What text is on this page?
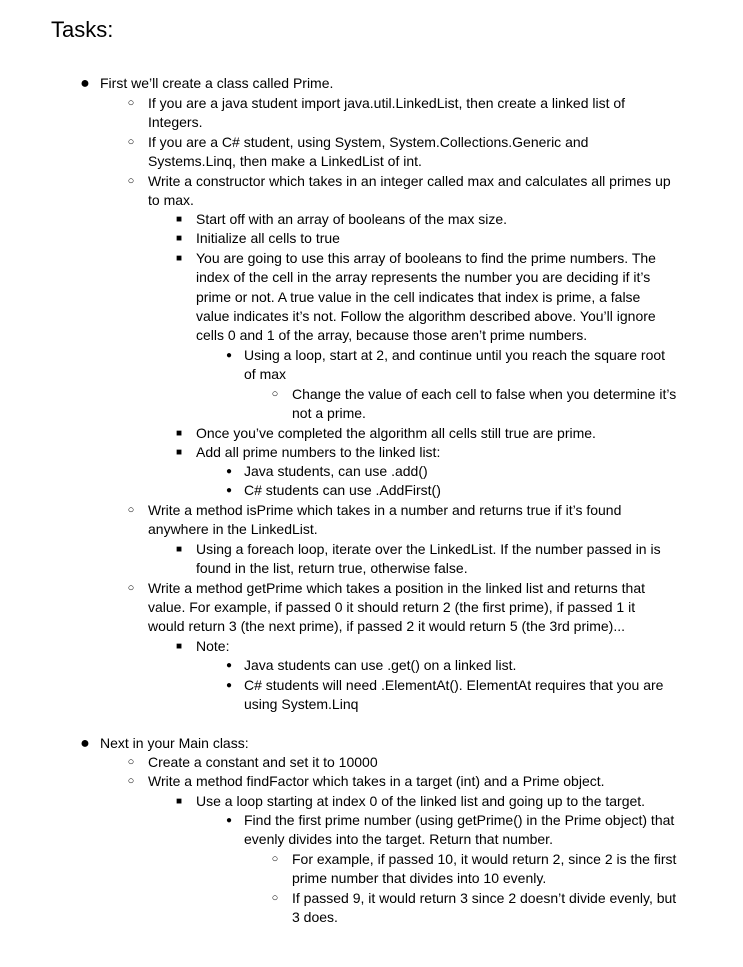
Tasks:
● First we’ll create a class called Prime.
○ If you are a java student import java.util.LinkedList, then create a linked list of
Integers.
○ If you are a C# student, using System, System.Collections.Generic and
Systems.Linq, then make a LinkedList of int.
○ Write a constructor which takes in an integer called max and calculates all primes up
to max.
■ Start off with an array of booleans of the max size.
■ Initialize all cells to true
■ You are going to use this array of booleans to find the prime numbers. The
index of the cell in the array represents the number you are deciding if it’s
prime or not. A true value in the cell indicates that index is prime, a false
value indicates it’s not. Follow the algorithm described above. You’ll ignore
cells 0 and 1 of the array, because those aren’t prime numbers.
● Using a loop, start at 2, and continue until you reach the square root
of max
○ Change the value of each cell to false when you determine it’s
not a prime.
■ Once you’ve completed the algorithm all cells still true are prime.
■ Add all prime numbers to the linked list:
● Java students, can use .add()
● C# students can use .AddFirst()
○ Write a method isPrime which takes in a number and returns true if it’s found
anywhere in the LinkedList.
■ Using a foreach loop, iterate over the LinkedList. If the number passed in is
found in the list, return true, otherwise false.
○ Write a method getPrime which takes a position in the linked list and returns that
value. For example, if passed 0 it should return 2 (the first prime), if passed 1 it
would return 3 (the next prime), if passed 2 it would return 5 (the 3rd prime)...
■ Note:
● Java students can use .get() on a linked list.
● C# students will need .ElementAt(). ElementAt requires that you are
using System.Linq
● Next in your Main class:
○ Create a constant and set it to 10000
○ Write a method findFactor which takes in a target (int) and a Prime object.
■ Use a loop starting at index 0 of the linked list and going up to the target.
● Find the first prime number (using getPrime() in the Prime object) that
evenly divides into the target. Return that number.
○ For example, if passed 10, it would return 2, since 2 is the first
prime number that divides into 10 evenly.
○ If passed 9, it would return 3 since 2 doesn’t divide evenly, but
3 does.
